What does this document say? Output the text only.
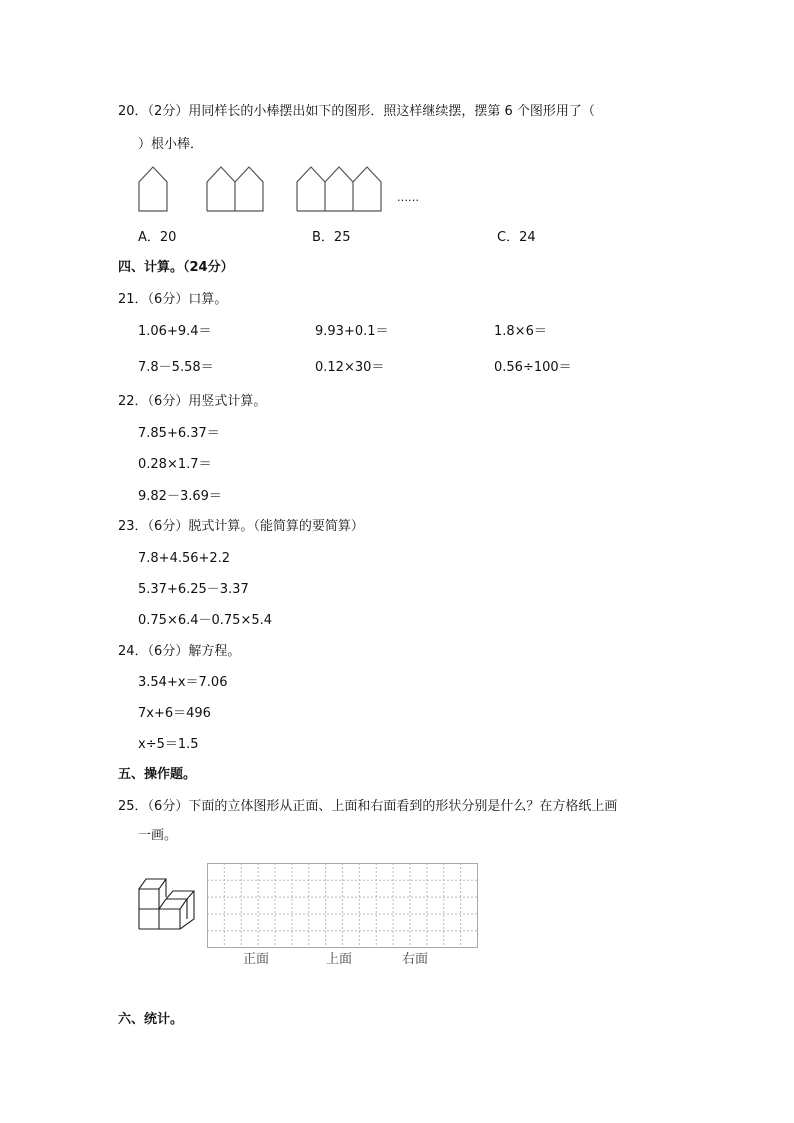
20．（2分）用同样长的小棒摆出如下的图形．照这样继续摆，摆第 6 个图形用了（
）根小棒．
……
A．20	B．25	C．24
四、计算。（24分）
21．（6分）口算。
1.06+9.4＝	9.93+0.1＝	1.8×6＝
7.8－5.58＝	0.12×30＝	0.56÷100＝
22．（6分）用竖式计算。
7.85+6.37＝
0.28×1.7＝
9.82－3.69＝
23．（6分）脱式计算。（能简算的要简算）
7.8+4.56+2.2
5.37+6.25－3.37
0.75×6.4－0.75×5.4
24．（6分）解方程。
3.54+x＝7.06
7x+6＝496
x÷5＝1.5
五、操作题。
25．（6分）下面的立体图形从正面、上面和右面看到的形状分别是什么？在方格纸上画
一画。
正面	上面	右面
六、统计。
